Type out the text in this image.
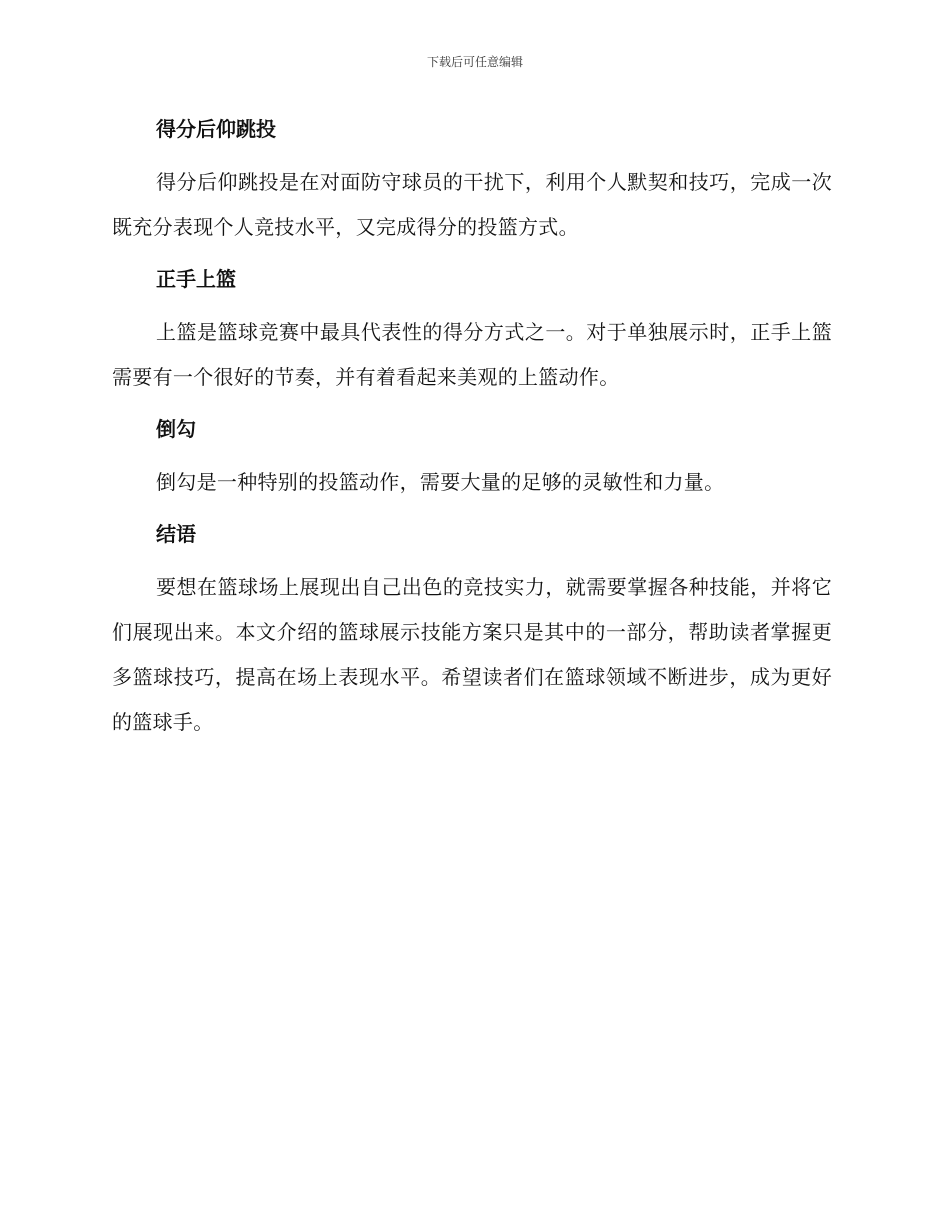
下载后可任意编辑
得分后仰跳投

得分后仰跳投是在对面防守球员的干扰下，利用个人默契和技巧，完成一次既充分表现个人竞技水平，又完成得分的投篮方式。

正手上篮

上篮是篮球竞赛中最具代表性的得分方式之一。对于单独展示时，正手上篮需要有一个很好的节奏，并有着看起来美观的上篮动作。

倒勾

倒勾是一种特别的投篮动作，需要大量的足够的灵敏性和力量。

结语

要想在篮球场上展现出自己出色的竞技实力，就需要掌握各种技能，并将它们展现出来。本文介绍的篮球展示技能方案只是其中的一部分，帮助读者掌握更多篮球技巧，提高在场上表现水平。希望读者们在篮球领域不断进步，成为更好的篮球手。
